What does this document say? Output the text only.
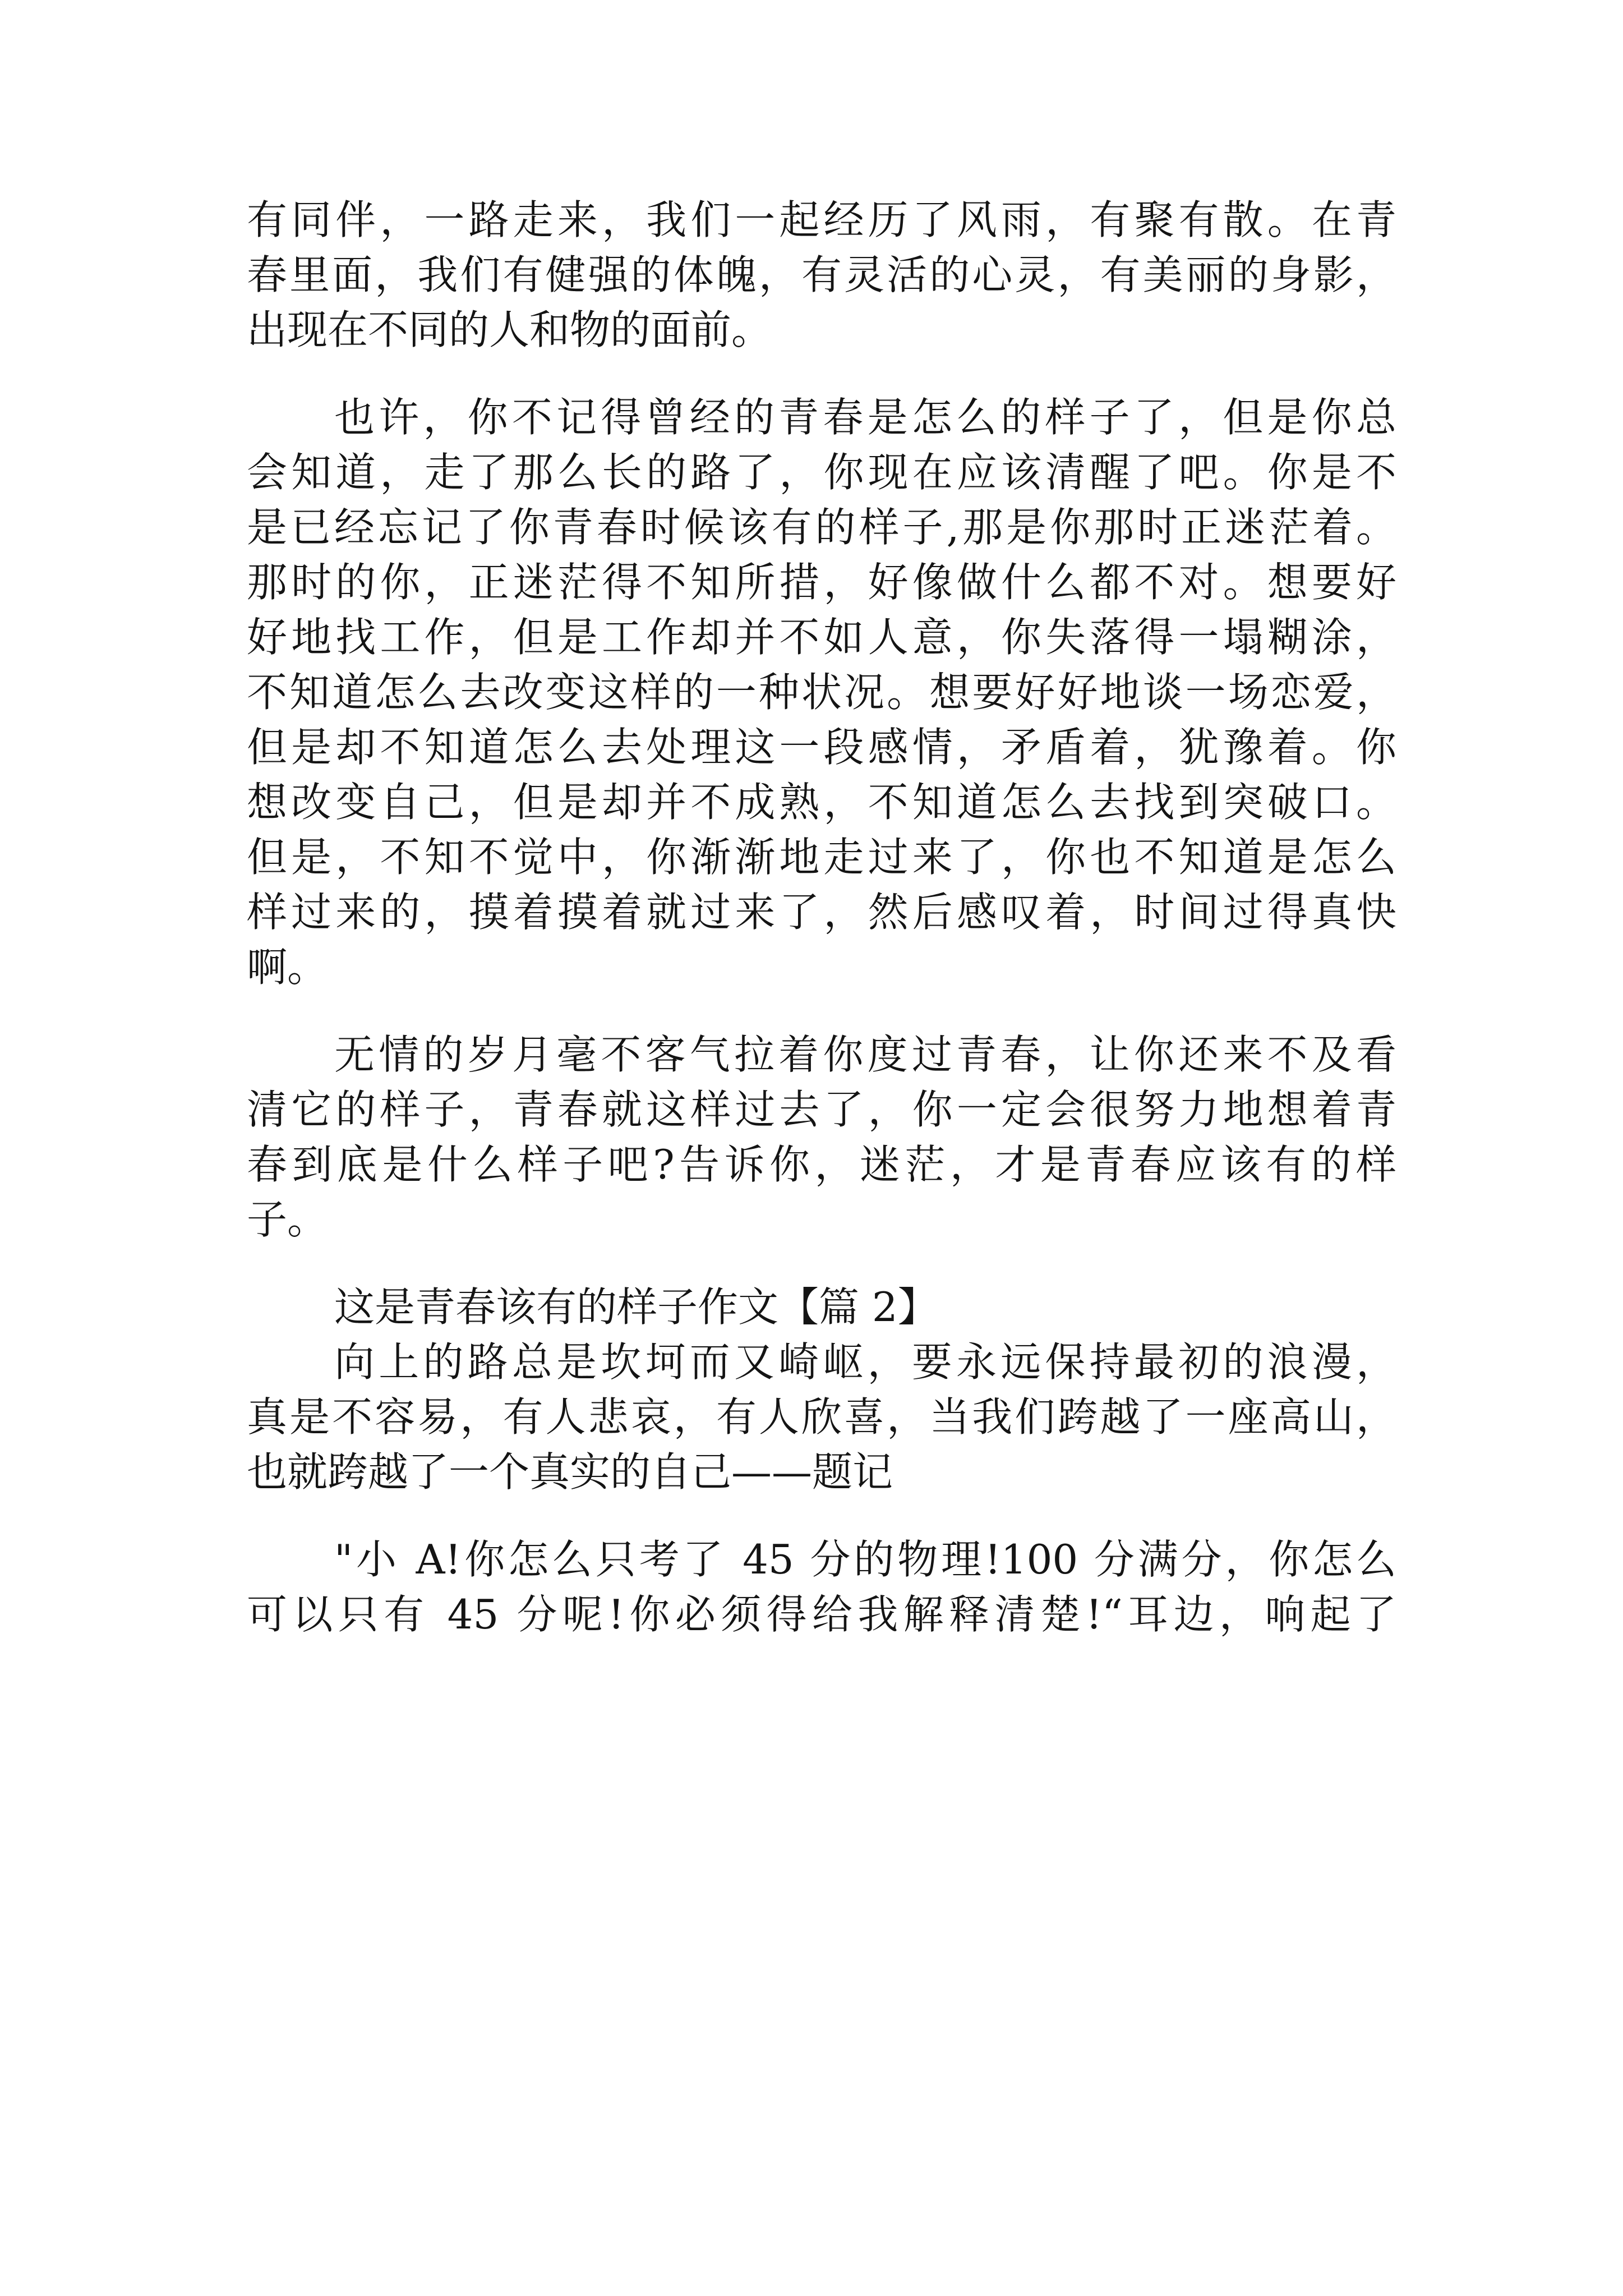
有同伴，一路走来，我们一起经历了风雨，有聚有散。在青
春里面，我们有健强的体魄，有灵活的心灵，有美丽的身影，
出现在不同的人和物的面前。
也许，你不记得曾经的青春是怎么的样子了，但是你总
会知道，走了那么长的路了，你现在应该清醒了吧。你是不
是已经忘记了你青春时候该有的样子,那是你那时正迷茫着。
那时的你，正迷茫得不知所措，好像做什么都不对。想要好
好地找工作，但是工作却并不如人意，你失落得一塌糊涂，
不知道怎么去改变这样的一种状况。想要好好地谈一场恋爱，
但是却不知道怎么去处理这一段感情，矛盾着，犹豫着。你
想改变自己，但是却并不成熟，不知道怎么去找到突破口。
但是，不知不觉中，你渐渐地走过来了，你也不知道是怎么
样过来的，摸着摸着就过来了，然后感叹着，时间过得真快
啊。
无情的岁月毫不客气拉着你度过青春，让你还来不及看
清它的样子，青春就这样过去了，你一定会很努力地想着青
春到底是什么样子吧?告诉你，迷茫，才是青春应该有的样
子。
这是青春该有的样子作文【篇 2】
向上的路总是坎坷而又崎岖，要永远保持最初的浪漫，
真是不容易，有人悲哀，有人欣喜，当我们跨越了一座高山，
也就跨越了一个真实的自己——题记
"小 A!你怎么只考了 45 分的物理!100 分满分，你怎么
可以只有 45 分呢!你必须得给我解释清楚!“耳边，响起了
